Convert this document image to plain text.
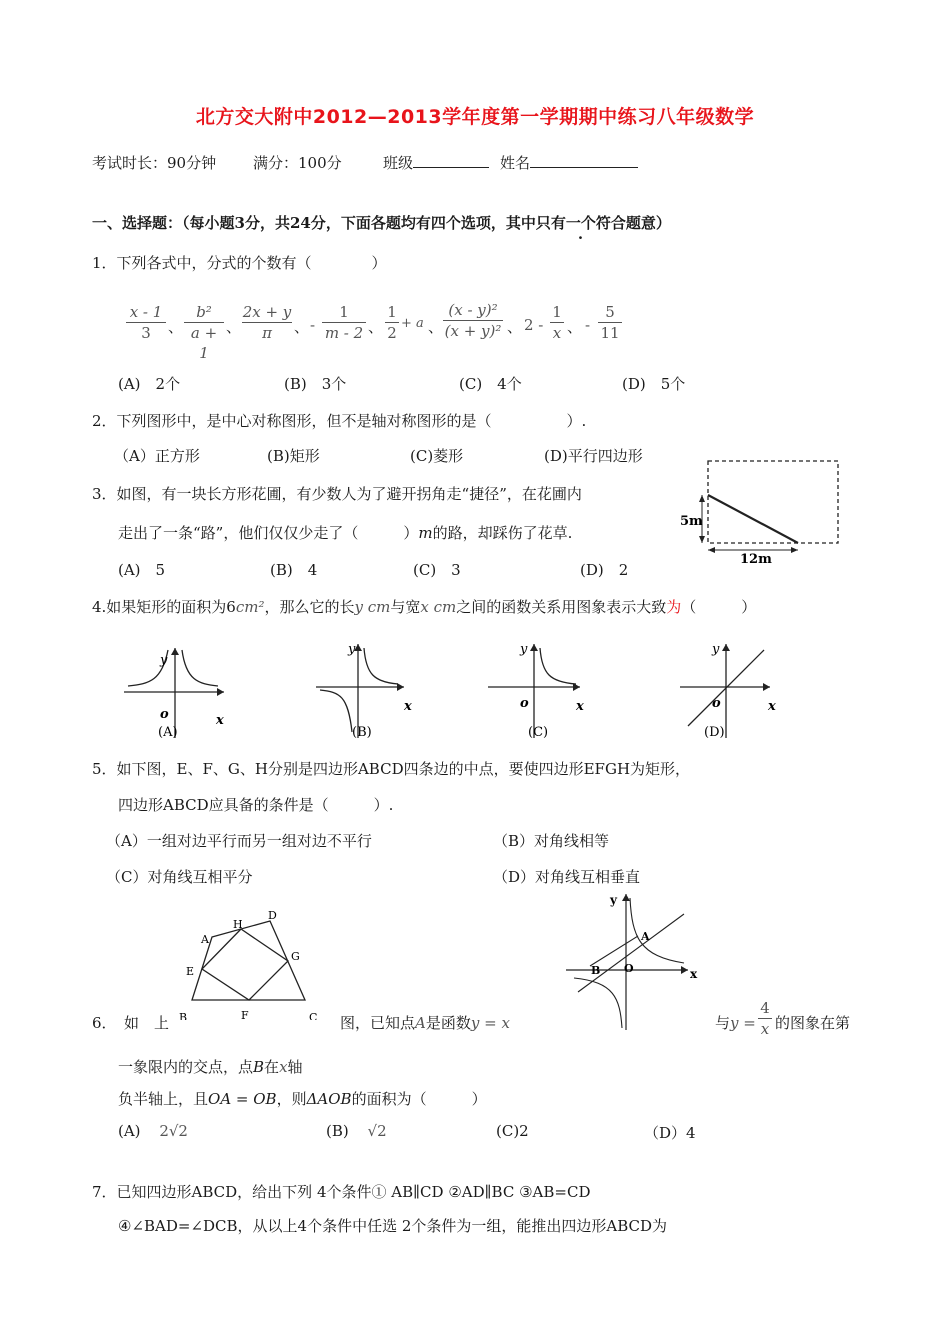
北方交大附中2012—2013学年度第一学期期中练习八年级数学
考试时长：90分钟 满分：100分	班级	姓名
一、选择题：（每小题3分，共24分，下面各题均有四个选项，其中只有一个符合题意）
1．下列各式中，分式的个数有（　　　　）
x - 1
3	、
b²
a + 1
、
2x + y
π	、 -
1
m - 2 、
1
2
+ a 、
(x - y)²
(x + y)² 、 2 -
1
x 、 -
5
11
(A)　2个	(B)　3个	(C)　4个	(D)　5个
2．下列图形中，是中心对称图形，但不是轴对称图形的是（　　　　　）.
（A）正方形	(B)矩形	(C)菱形	(D)平行四边形
3．如图，有一块长方形花圃，有少数人为了避开拐角走“捷径”，在花圃内
走出了一条“路”，他们仅仅少走了（　　　）m的路，却踩伤了花草.
(A)　5	(B)　4	(C)　3	(D)　2
5m
12m
4.如果矩形的面积为6cm²，那么它的长y cm与宽x cm之间的函数关系用图象表示大致为（　　　）
y
o	x
(A)
y
x
(B)
y
o	x
(C)
y
o	x
(D)
5．如下图，E、F、G、H分别是四边形ABCD四条边的中点，要使四边形EFGH为矩形，
四边形ABCD应具备的条件是（　　　）.
（A）一组对边平行而另一组对边不平行	（B）对角线相等
（C）对角线互相平分	（D）对角线互相垂直
A
B	C
D
E
F
G
H
y
x
A
B O
6．　如　上	图，已知点A是函数y = x	与y =
4
x 的图象在第
一象限内的交点，点B在x轴
负半轴上，且OA = OB，则ΔAOB的面积为（　　　）
(A) 2√2	(B) √2	(C)2	（D）4
7．已知四边形ABCD，给出下列 4个条件① AB∥CD ②AD∥BC ③AB=CD
④∠BAD=∠DCB，从以上4个条件中任选 2个条件为一组，能推出四边形ABCD为
